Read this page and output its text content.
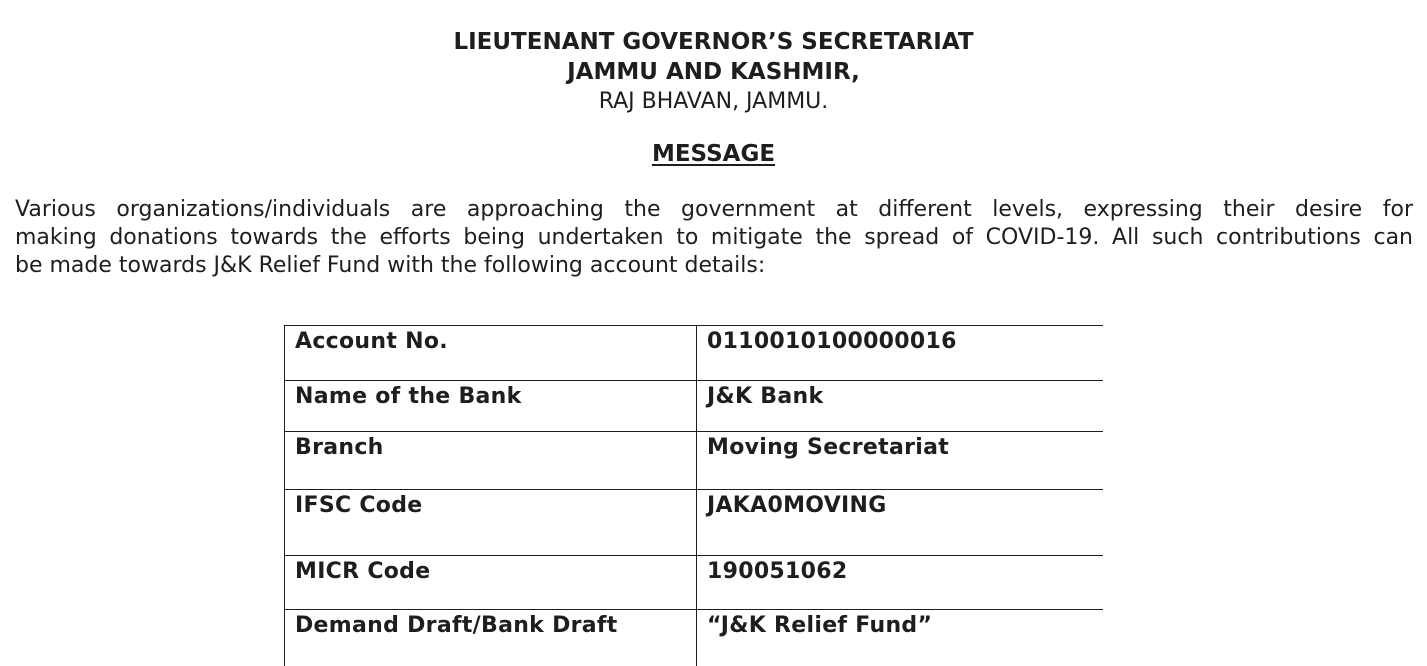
LIEUTENANT GOVERNOR’S SECRETARIAT
JAMMU AND KASHMIR,
RAJ BHAVAN, JAMMU.
MESSAGE
Various organizations/individuals are approaching the government at different levels, expressing their desire for
making donations towards the efforts being undertaken to mitigate the spread of COVID-19. All such contributions can
be made towards J&K Relief Fund with the following account details:
Account No.	0110010100000016
Name of the Bank	J&K Bank
Branch	Moving Secretariat
IFSC Code	JAKA0MOVING
MICR Code	190051062
Demand Draft/Bank Draft	“J&K Relief Fund”
